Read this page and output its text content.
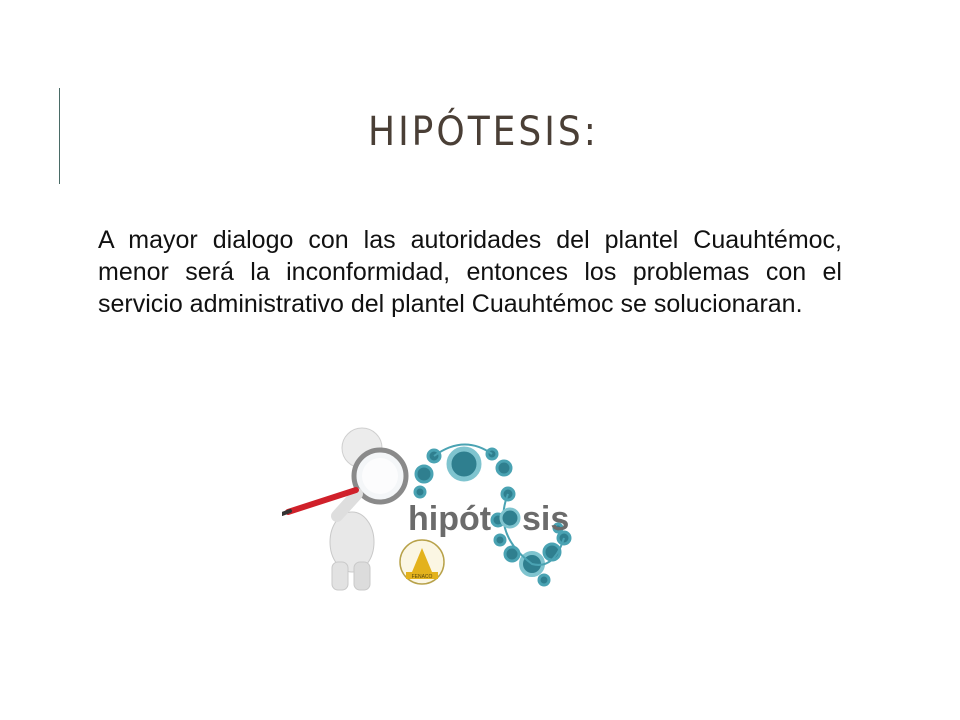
HIPÓTESIS:

A mayor dialogo con las autoridades del plantel Cuauhtémoc, menor será la inconformidad, entonces los problemas con el servicio administrativo del plantel Cuauhtémoc se solucionaran.

hipót sis
FENACO
